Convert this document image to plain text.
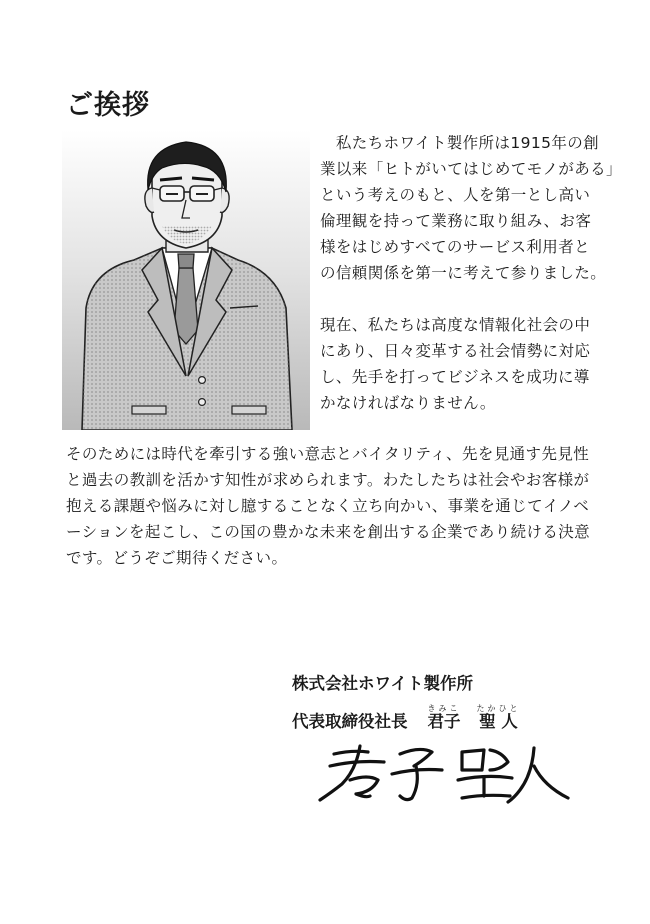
ご挨拶

　私たちホワイト製作所は1915年の創
業以来「ヒトがいてはじめてモノがある」
という考えのもと、人を第一とし高い
倫理観を持って業務に取り組み、お客
様をはじめすべてのサービス利用者と
の信頼関係を第一に考えて参りました。

現在、私たちは高度な情報化社会の中
にあり、日々変革する社会情勢に対応
し、先手を打ってビジネスを成功に導
かなければなりません。

そのためには時代を牽引する強い意志とバイタリティ、先を見通す先見性
と過去の教訓を活かす知性が求められます。わたしたちは社会やお客様が
抱える課題や悩みに対し臆することなく立ち向かい、事業を通じてイノベ
ーションを起こし、この国の豊かな未来を創出する企業であり続ける決意
です。どうぞご期待ください。

株式会社ホワイト製作所

代表取締役社長 君子きみこ聖人たかひと
